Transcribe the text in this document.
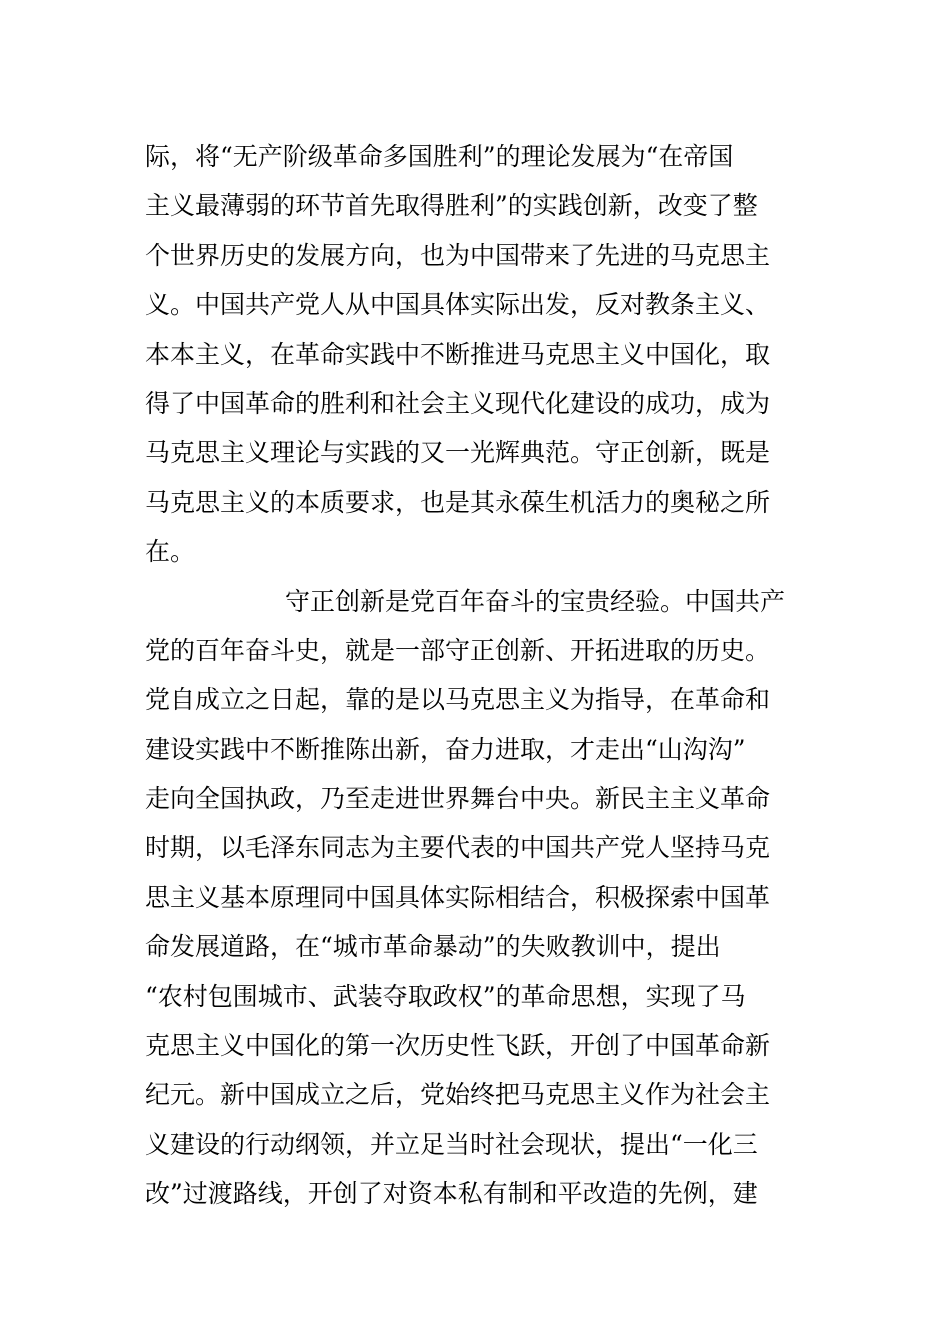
际，将“无产阶级革命多国胜利”的理论发展为“在帝国
主义最薄弱的环节首先取得胜利”的实践创新，改变了整
个世界历史的发展方向，也为中国带来了先进的马克思主
义。中国共产党人从中国具体实际出发，反对教条主义、
本本主义，在革命实践中不断推进马克思主义中国化，取
得了中国革命的胜利和社会主义现代化建设的成功，成为
马克思主义理论与实践的又一光辉典范。守正创新，既是
马克思主义的本质要求，也是其永葆生机活力的奥秘之所
在。
守正创新是党百年奋斗的宝贵经验。中国共产
党的百年奋斗史，就是一部守正创新、开拓进取的历史。
党自成立之日起，靠的是以马克思主义为指导，在革命和
建设实践中不断推陈出新，奋力进取，才走出“山沟沟”
走向全国执政，乃至走进世界舞台中央。新民主主义革命
时期，以毛泽东同志为主要代表的中国共产党人坚持马克
思主义基本原理同中国具体实际相结合，积极探索中国革
命发展道路，在“城市革命暴动”的失败教训中，提出
“农村包围城市、武装夺取政权”的革命思想，实现了马
克思主义中国化的第一次历史性飞跃，开创了中国革命新
纪元。新中国成立之后，党始终把马克思主义作为社会主
义建设的行动纲领，并立足当时社会现状，提出“一化三
改”过渡路线，开创了对资本私有制和平改造的先例，建
